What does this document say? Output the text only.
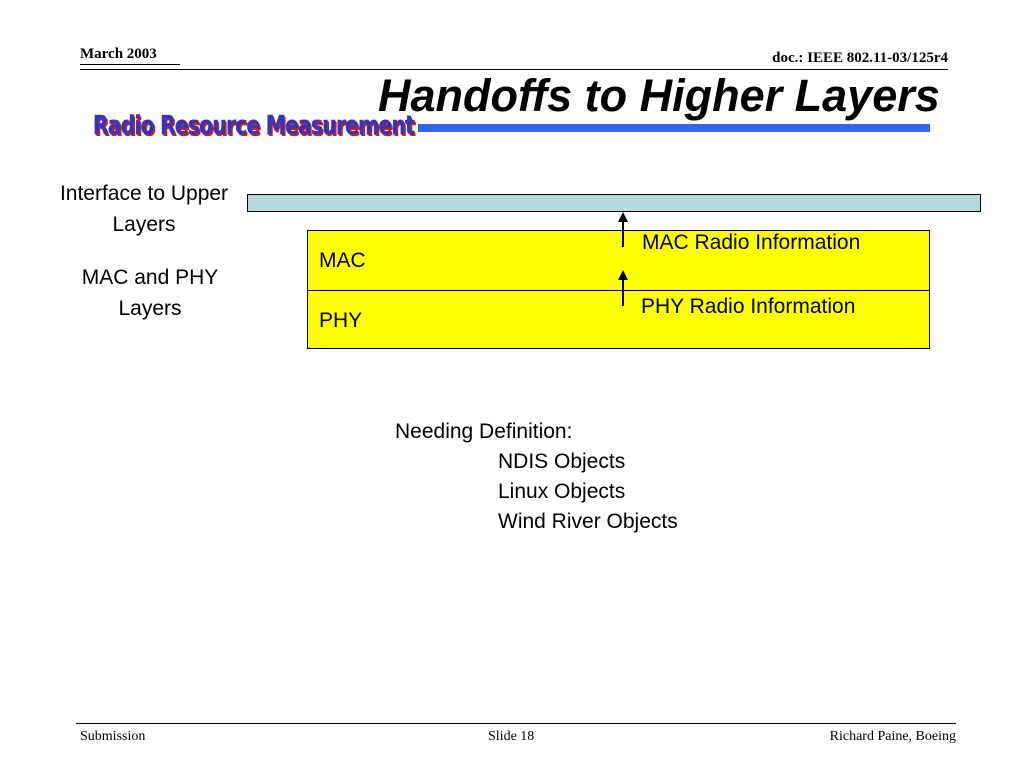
March 2003	doc.: IEEE 802.11-03/125r4
Handoffs to Higher Layers
Radio Resource Measurement
Interface to Upper Layers
MAC and PHY Layers
MAC
PHY
MAC Radio Information
PHY Radio Information
Needing Definition:
NDIS Objects
Linux Objects
Wind River Objects
Submission	Slide 18	Richard Paine, Boeing
